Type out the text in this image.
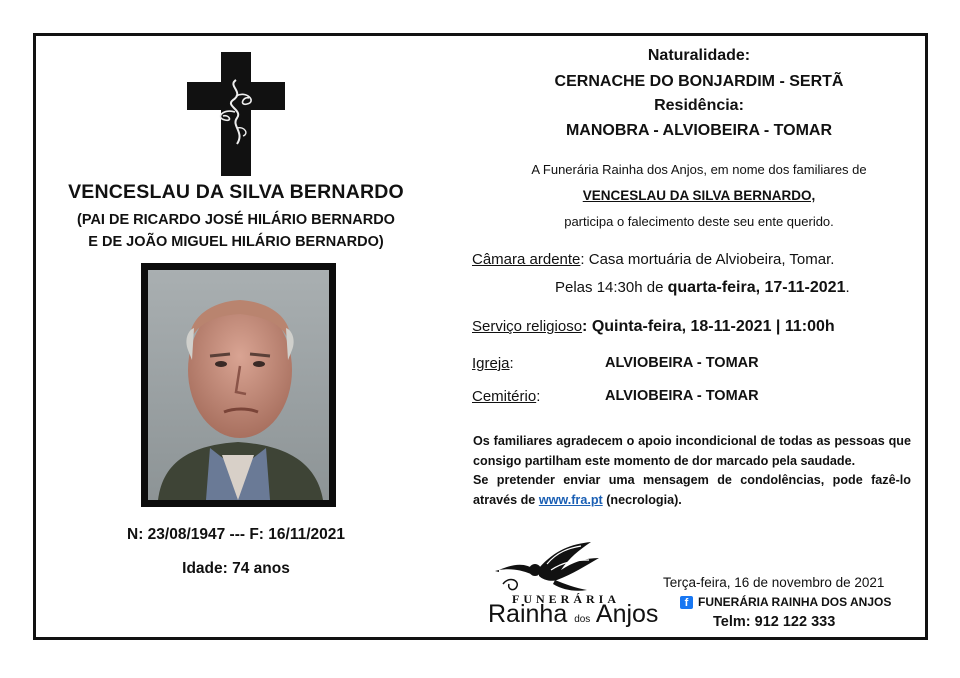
VENCESLAU DA SILVA BERNARDO
(PAI DE RICARDO JOSÉ HILÁRIO BERNARDO
E DE JOÃO MIGUEL HILÁRIO BERNARDO)
N: 23/08/1947 --- F: 16/11/2021
Idade: 74 anos
Naturalidade:
CERNACHE DO BONJARDIM - SERTÃ
Residência:
MANOBRA - ALVIOBEIRA - TOMAR
A Funerária Rainha dos Anjos, em nome dos familiares de
VENCESLAU DA SILVA BERNARDO,
participa o falecimento deste seu ente querido.
Câmara ardente: Casa mortuária de Alviobeira, Tomar.
Pelas 14:30h de quarta-feira, 17-11-2021.
Serviço religioso: Quinta-feira, 18-11-2021 | 11:00h
Igreja:	ALVIOBEIRA - TOMAR
Cemitério:	ALVIOBEIRA - TOMAR
Os familiares agradecem o apoio incondicional de todas as pessoas que consigo partilham este momento de dor marcado pela saudade.
Se pretender enviar uma mensagem de condolências, pode fazê-lo através de www.fra.pt (necrologia).
FUNERÁRIA
Rainha dos Anjos
Terça-feira, 16 de novembro de 2021
f FUNERÁRIA RAINHA DOS ANJOS
Telm: 912 122 333
